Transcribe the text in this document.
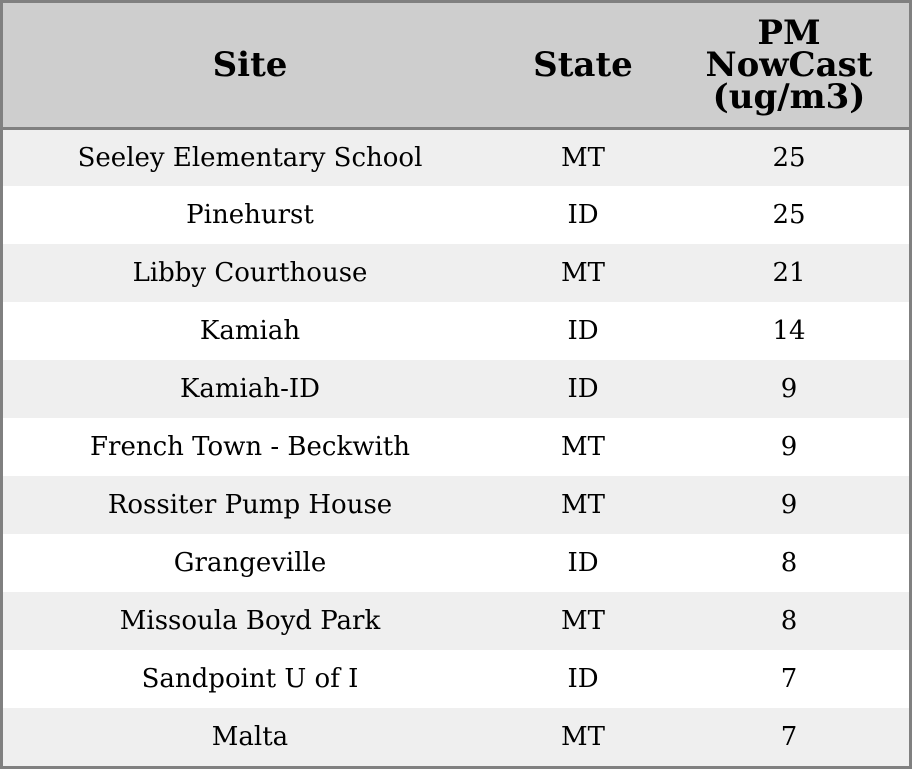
Site	State	PM
NowCast
(ug/m3)

Seeley Elementary School	MT	25
Pinehurst	ID	25
Libby Courthouse	MT	21
Kamiah	ID	14
Kamiah-ID	ID	9
French Town - Beckwith	MT	9
Rossiter Pump House	MT	9
Grangeville	ID	8
Missoula Boyd Park	MT	8
Sandpoint U of I	ID	7
Malta	MT	7
